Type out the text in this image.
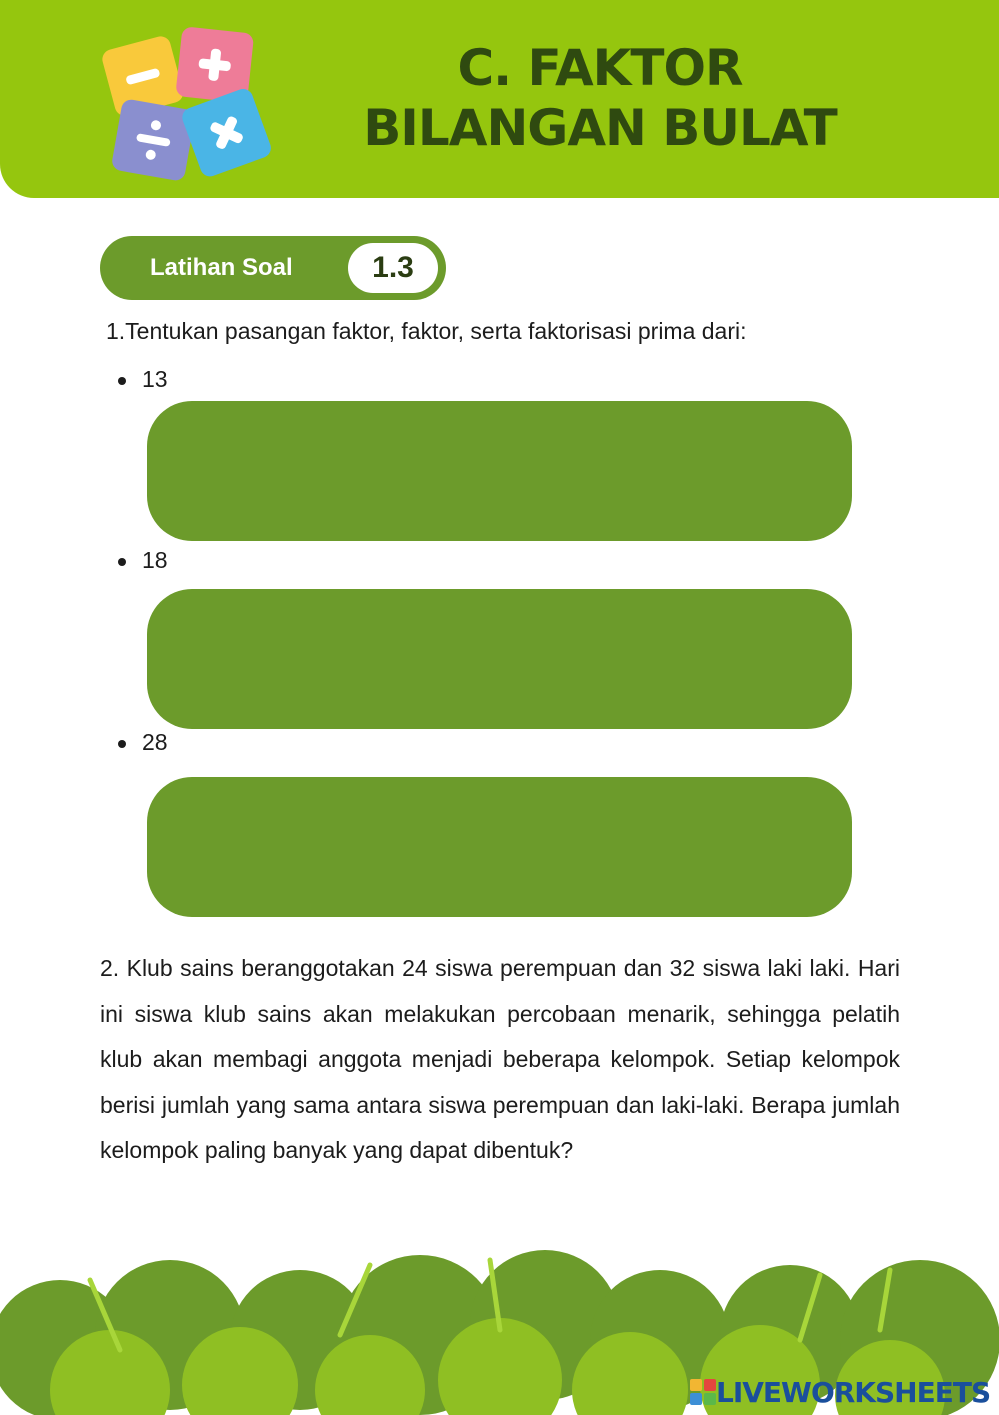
C. FAKTOR
BILANGAN BULAT
Latihan Soal	1.3
1.Tentukan pasangan faktor, faktor, serta faktorisasi prima dari:
13
18
28
2. Klub sains beranggotakan 24 siswa perempuan dan 32 siswa laki laki. Hari ini siswa klub sains akan melakukan percobaan menarik, sehingga pelatih klub akan membagi anggota menjadi beberapa kelompok. Setiap kelompok berisi jumlah yang sama antara siswa perempuan dan laki-laki. Berapa jumlah kelompok paling banyak yang dapat dibentuk?
LIVEWORKSHEETS
